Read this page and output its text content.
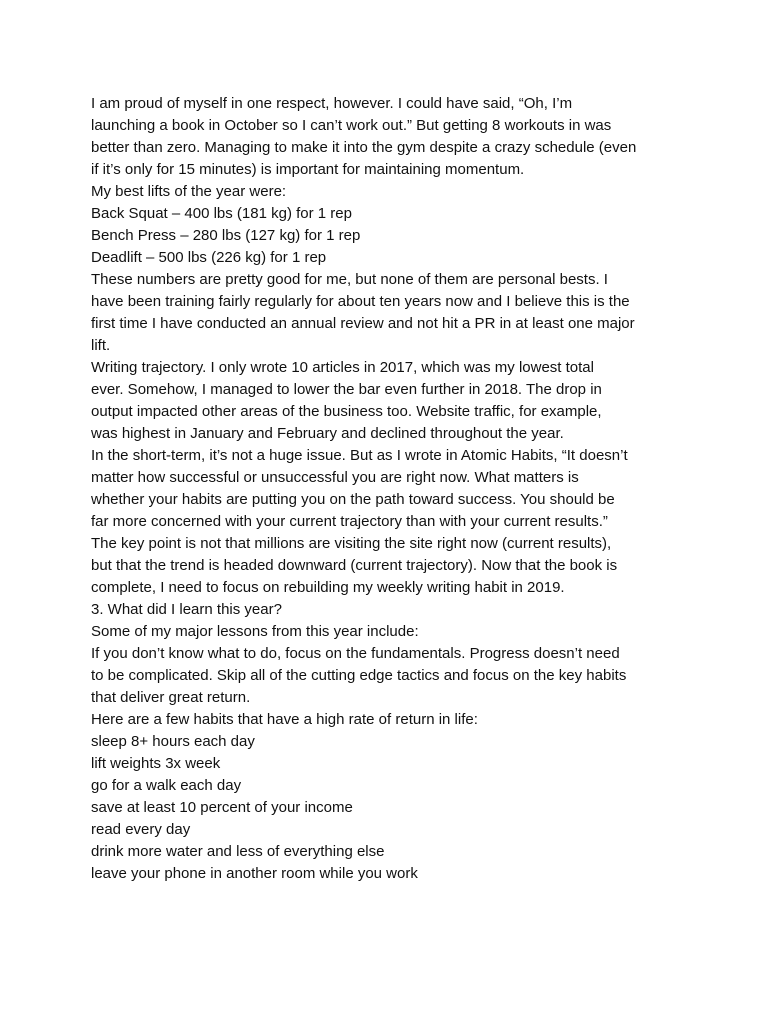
I am proud of myself in one respect, however. I could have said, “Oh, I’m

launching a book in October so I can’t work out.” But getting 8 workouts in was

better than zero. Managing to make it into the gym despite a crazy schedule (even

if it’s only for 15 minutes) is important for maintaining momentum.

My best lifts of the year were:

Back Squat – 400 lbs (181 kg) for 1 rep

Bench Press – 280 lbs (127 kg) for 1 rep

Deadlift – 500 lbs (226 kg) for 1 rep

These numbers are pretty good for me, but none of them are personal bests. I

have been training fairly regularly for about ten years now and I believe this is the

first time I have conducted an annual review and not hit a PR in at least one major

lift.

Writing trajectory. I only wrote 10 articles in 2017, which was my lowest total

ever. Somehow, I managed to lower the bar even further in 2018. The drop in

output impacted other areas of the business too. Website traffic, for example,

was highest in January and February and declined throughout the year.

In the short-term, it’s not a huge issue. But as I wrote in Atomic Habits, “It doesn’t

matter how successful or unsuccessful you are right now. What matters is

whether your habits are putting you on the path toward success. You should be

far more concerned with your current trajectory than with your current results.”

The key point is not that millions are visiting the site right now (current results),

but that the trend is headed downward (current trajectory). Now that the book is

complete, I need to focus on rebuilding my weekly writing habit in 2019.

3. What did I learn this year?

Some of my major lessons from this year include:

If you don’t know what to do, focus on the fundamentals. Progress doesn’t need

to be complicated. Skip all of the cutting edge tactics and focus on the key habits

that deliver great return.

Here are a few habits that have a high rate of return in life:

sleep 8+ hours each day

lift weights 3x week

go for a walk each day

save at least 10 percent of your income

read every day

drink more water and less of everything else

leave your phone in another room while you work
